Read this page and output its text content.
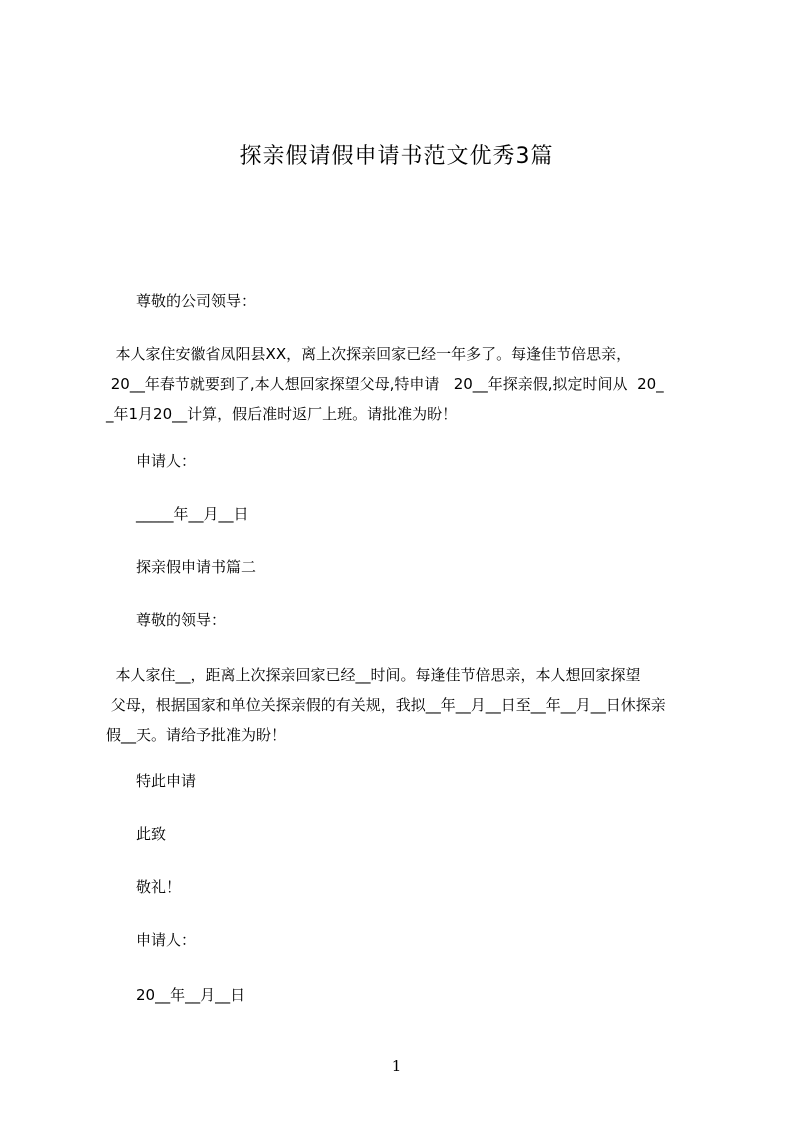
探亲假请假申请书范文优秀3篇
尊敬的公司领导：
本人家住安徽省凤阳县XX，离上次探亲回家已经一年多了。每逢佳节倍思亲，
20__年春节就要到了,本人想回家探望父母,特申请   20__年探亲假,拟定时间从  20_
_年1月20__计算，假后准时返厂上班。请批准为盼！
申请人：
_____年__月__日
探亲假申请书篇二
尊敬的领导：
本人家住__，距离上次探亲回家已经__时间。每逢佳节倍思亲，本人想回家探望
父母，根据国家和单位关探亲假的有关规，我拟__年__月__日至__年__月__日休探亲
假__天。请给予批准为盼！
特此申请
此致
敬礼！
申请人：
20__年__月__日
1
